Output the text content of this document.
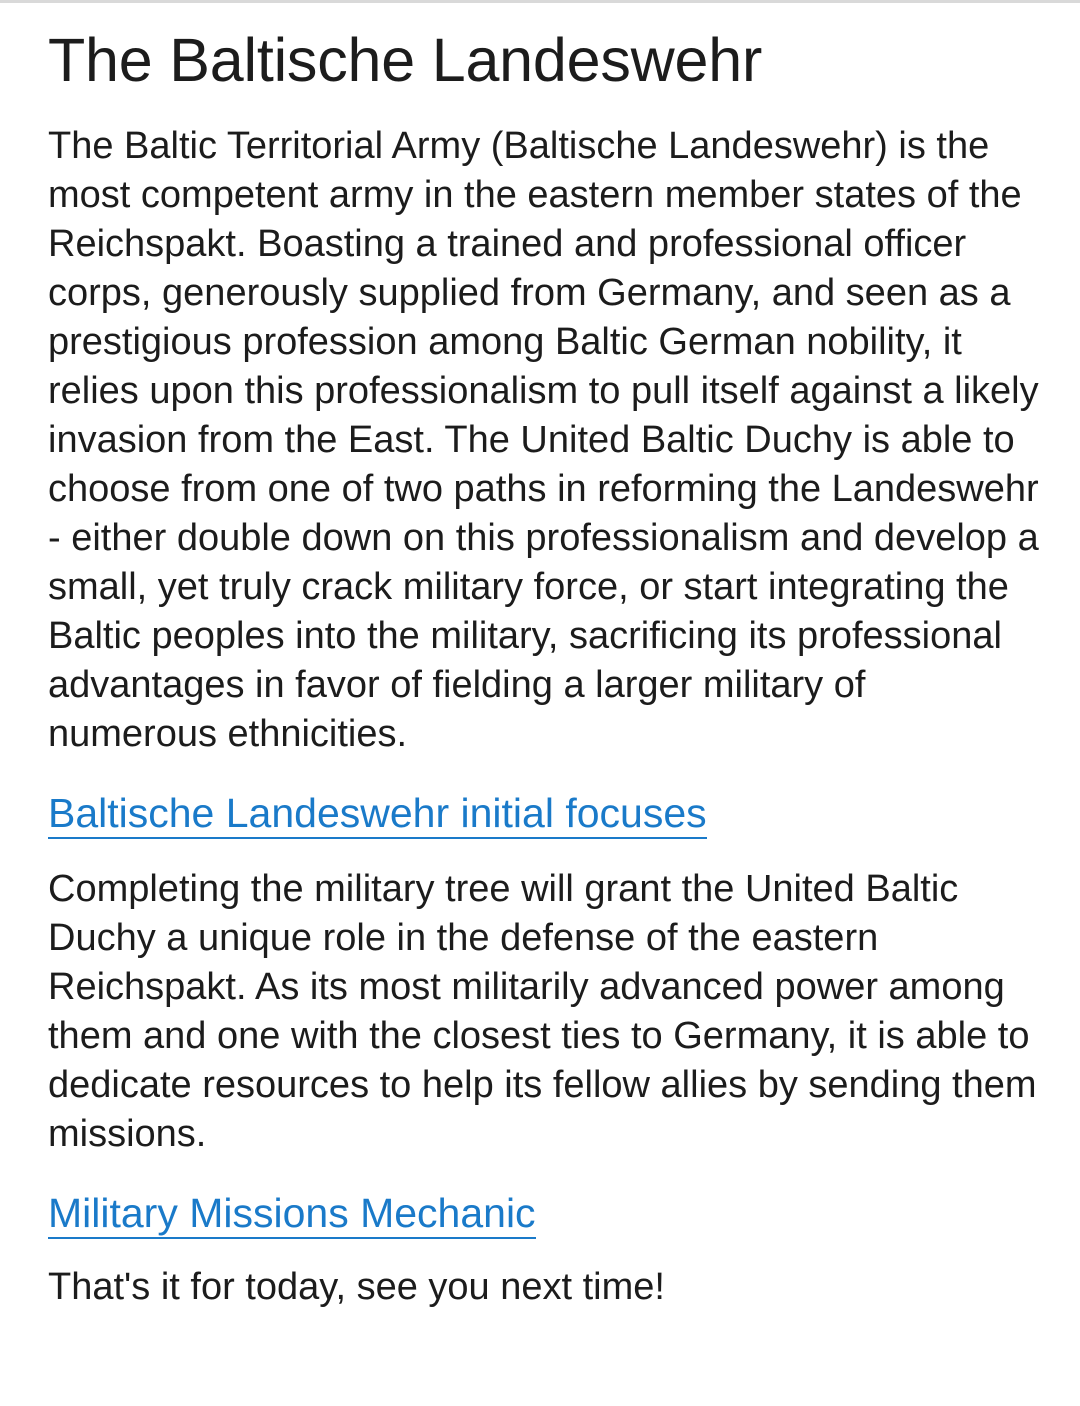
The Baltische Landeswehr

The Baltic Territorial Army (Baltische Landeswehr) is the most competent army in the eastern member states of the Reichspakt. Boasting a trained and professional officer corps, generously supplied from Germany, and seen as a prestigious profession among Baltic German nobility, it relies upon this professionalism to pull itself against a likely invasion from the East. The United Baltic Duchy is able to choose from one of two paths in reforming the Landeswehr - either double down on this professionalism and develop a small, yet truly crack military force, or start integrating the Baltic peoples into the military, sacrificing its professional advantages in favor of fielding a larger military of numerous ethnicities.

Baltische Landeswehr initial focuses

Completing the military tree will grant the United Baltic Duchy a unique role in the defense of the eastern Reichspakt. As its most militarily advanced power among them and one with the closest ties to Germany, it is able to dedicate resources to help its fellow allies by sending them missions.

Military Missions Mechanic

That's it for today, see you next time!
